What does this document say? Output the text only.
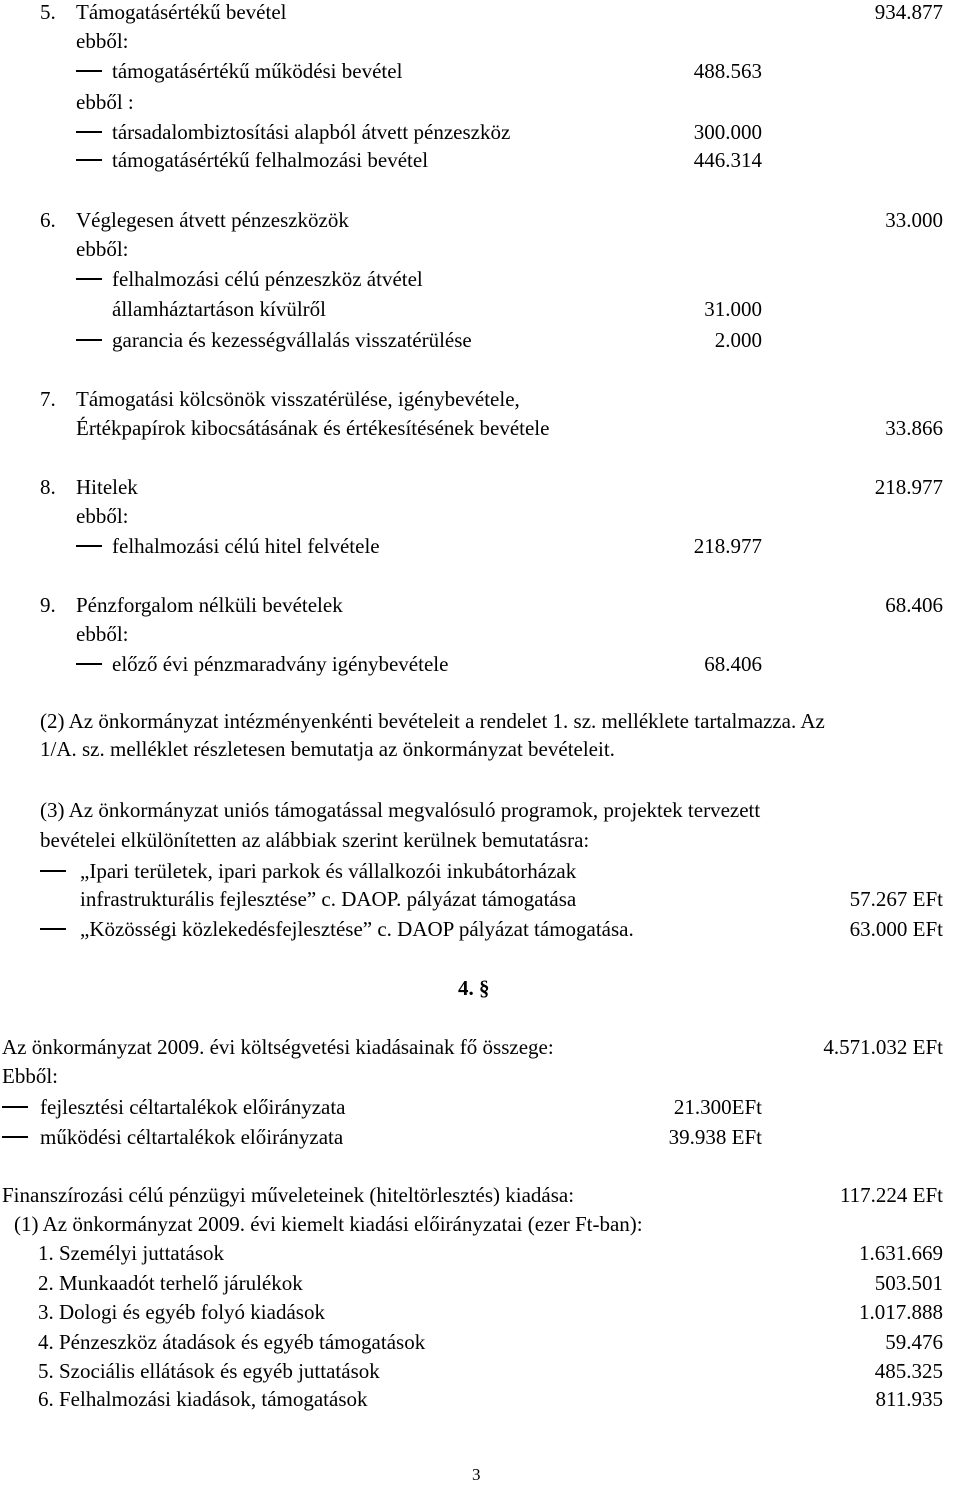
5. Támogatásértékű bevétel	934.877
ebből:
támogatásértékű működési bevétel	488.563
ebből :
társadalombiztosítási alapból átvett pénzeszköz	300.000
támogatásértékű felhalmozási bevétel	446.314
6. Véglegesen átvett pénzeszközök	33.000
ebből:
felhalmozási célú pénzeszköz átvétel
államháztartáson kívülről	31.000
garancia és kezességvállalás visszatérülése	2.000
7. Támogatási kölcsönök visszatérülése, igénybevétele,
Értékpapírok kibocsátásának és értékesítésének bevétele	33.866
8. Hitelek	218.977
ebből:
felhalmozási célú hitel felvétele	218.977
9. Pénzforgalom nélküli bevételek	68.406
ebből:
előző évi pénzmaradvány igénybevétele	68.406
(2) Az önkormányzat intézményenkénti bevételeit a rendelet 1. sz. melléklete tartalmazza. Az
1/A. sz. melléklet részletesen bemutatja az önkormányzat bevételeit.
(3) Az önkormányzat uniós támogatással megvalósuló programok, projektek tervezett
bevételei elkülönítetten az alábbiak szerint kerülnek bemutatásra:
„Ipari területek, ipari parkok és vállalkozói inkubátorházak
infrastrukturális fejlesztése” c. DAOP. pályázat támogatása	57.267 EFt
„Közösségi közlekedésfejlesztése” c. DAOP pályázat támogatása.	63.000 EFt
4. §
Az önkormányzat 2009. évi költségvetési kiadásainak fő összege:	4.571.032 EFt
Ebből:
fejlesztési céltartalékok előirányzata	21.300EFt
működési céltartalékok előirányzata	39.938 EFt
Finanszírozási célú pénzügyi műveleteinek (hiteltörlesztés) kiadása:	117.224 EFt
(1) Az önkormányzat 2009. évi kiemelt kiadási előirányzatai (ezer Ft-ban):
1. Személyi juttatások	1.631.669
2. Munkaadót terhelő járulékok	503.501
3. Dologi és egyéb folyó kiadások	1.017.888
4. Pénzeszköz átadások és egyéb támogatások	59.476
5. Szociális ellátások és egyéb juttatások	485.325
6. Felhalmozási kiadások, támogatások	811.935
3
